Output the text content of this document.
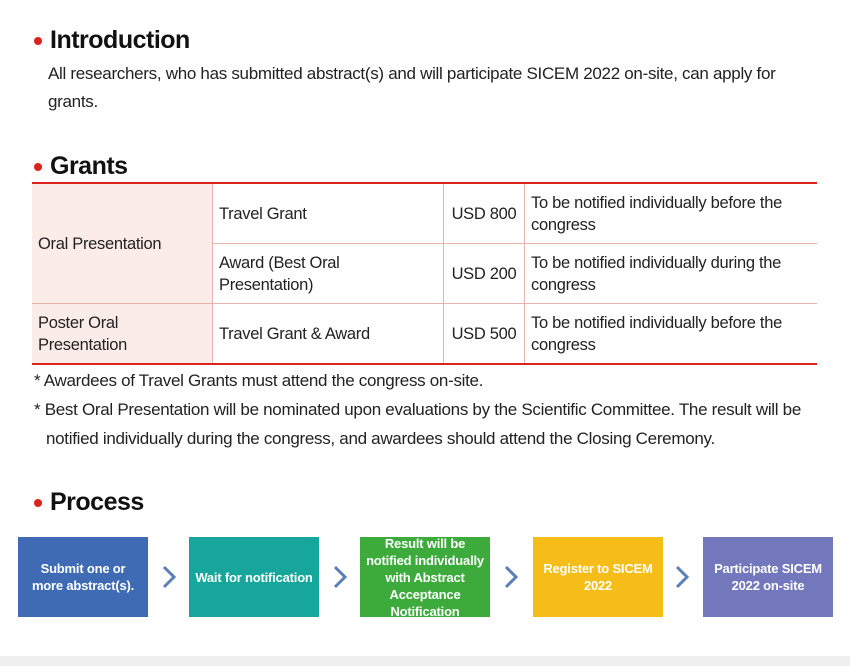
Introduction

All researchers, who has submitted abstract(s) and will participate SICEM 2022 on-site, can apply for grants.

Grants
Oral Presentation	Travel Grant	USD 800	To be notified individually before the congress
	Award (Best Oral Presentation)	USD 200	To be notified individually during the congress
Poster Oral Presentation	Travel Grant & Award	USD 500	To be notified individually before the congress
* Awardees of Travel Grants must attend the congress on-site.
* Best Oral Presentation will be nominated upon evaluations by the Scientific Committee. The result will be notified individually during the congress, and awardees should attend the Closing Ceremony.
Process
Submit one or more abstract(s).
Wait for notification
Result will be notified individually with Abstract Acceptance Notification
Register to SICEM 2022
Participate SICEM 2022 on-site
